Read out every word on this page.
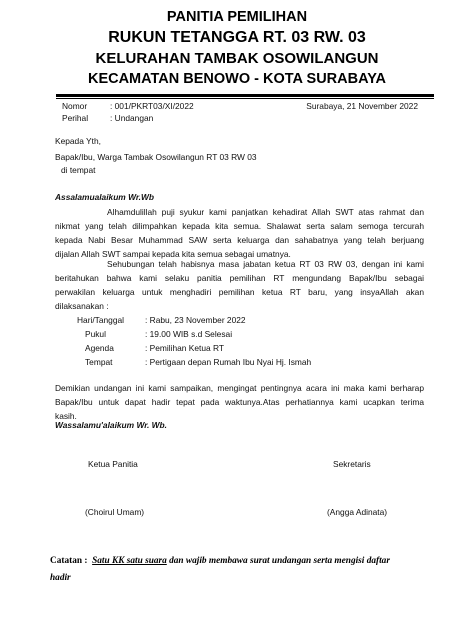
PANITIA PEMILIHAN
RUKUN TETANGGA RT. 03 RW. 03
KELURAHAN TAMBAK OSOWILANGUN
KECAMATAN BENOWO - KOTA SURABAYA
Nomor	: 001/PKRT03/XI/2022	Surabaya, 21 November 2022
Perihal	: Undangan
Kepada Yth,
Bapak/Ibu, Warga Tambak Osowilangun RT 03 RW 03
di tempat
Assalamualaikum Wr.Wb
Alhamdulillah puji syukur kami panjatkan kehadirat Allah SWT atas rahmat dan
nikmat yang telah dilimpahkan kepada kita semua. Shalawat serta salam semoga tercurah
kepada Nabi Besar Muhammad SAW serta keluarga dan sahabatnya yang telah berjuang
dijalan Allah SWT sampai kepada kita semua sebagai umatnya.
Sehubungan telah habisnya masa jabatan ketua RT 03 RW 03, dengan ini kami
beritahukan bahwa kami selaku panitia pemilihan RT mengundang Bapak/Ibu sebagai
perwakilan keluarga untuk menghadiri pemilihan ketua RT baru, yang insyaAllah akan
dilaksanakan :
Hari/Tanggal : Rabu, 23 November 2022
Pukul	: 19.00 WIB s.d Selesai
Agenda	: Pemilihan Ketua RT
Tempat	: Pertigaan depan Rumah Ibu Nyai Hj. Ismah
Demikian undangan ini kami sampaikan, mengingat pentingnya acara ini maka kami berharap
Bapak/Ibu untuk dapat hadir tepat pada waktunya.Atas perhatiannya kami ucapkan terima
kasih.
Wassalamu'alaikum Wr. Wb.
Ketua Panitia	Sekretaris
(Choirul Umam)	(Angga Adinata)
Catatan : Satu KK satu suara dan wajib membawa surat undangan serta mengisi daftar
hadir
